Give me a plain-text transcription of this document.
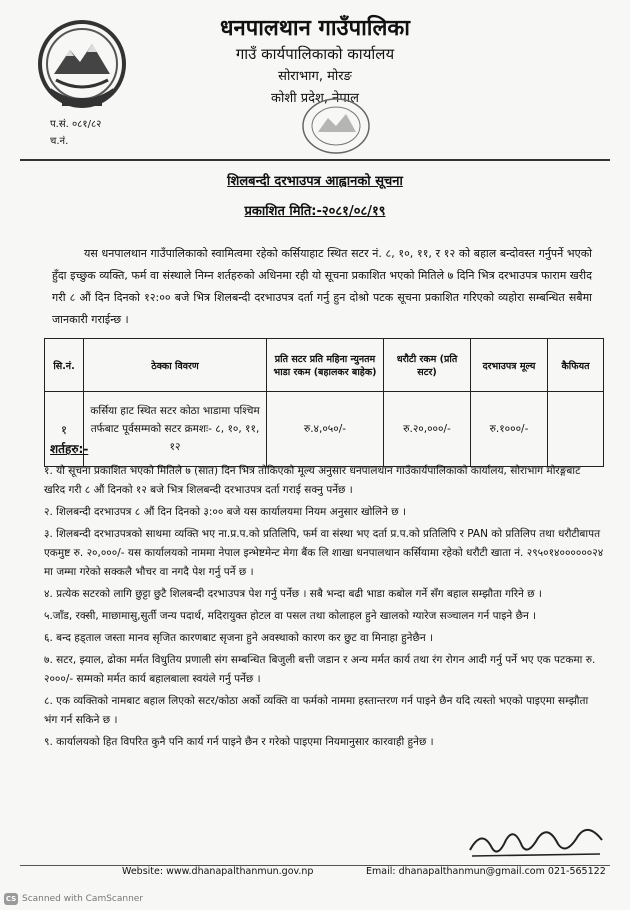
धनपालथान गाउँपालिका
गाउँ कार्यपालिकाको कार्यालय
सोराभाग, मोरङ
कोशी प्रदेश, नेपाल
प.सं. ०८१/८२
च.नं.
शिलबन्दी दरभाउपत्र आह्वानको सूचना
प्रकाशित मिति:-२०८१/०८/१९

यस धनपालथान गाउँपालिकाको स्वामित्वमा रहेको कर्सियाहाट स्थित सटर नं. ८, १०, ११, र १२ को बहाल बन्दोवस्त गर्नुपर्ने भएको हुँदा इच्छुक व्यक्ति, फर्म वा संस्थाले निम्न शर्तहरुको अधिनमा रही यो सूचना प्रकाशित भएको मितिले ७ दिनि भित्र दरभाउपत्र फाराम खरीद गरी ८ औं दिन दिनको १२:०० बजे भित्र शिलबन्दी दरभाउपत्र दर्ता गर्नु हुन दोश्रो पटक सूचना प्रकाशित गरिएको व्यहोरा सम्बन्धित सबैमा जानकारी गराईन्छ ।

सि.नं.	ठेक्का विवरण	प्रति सटर प्रति महिना न्युनतम भाडा रकम (बहालकर बाहेक)	धरौटी रकम (प्रति सटर)	दरभाउपत्र मूल्य	कैफियत
१	कर्सिया हाट स्थित सटर कोठा भाडामा पश्चिम तर्फबाट पूर्वसम्मको सटर क्रमशः- ८, १०, ११, १२	रु.४,०५०/-	रु.२०,०००/-	रु.१०००/-	
शर्तहरु:-
१. यो सूचना प्रकाशित भएको मितिले ७ (सात) दिन भित्र तोकिएको मूल्य अनुसार धनपालथान गाउँकार्यपालिकाको कार्यालय, सोराभाग मोरङ्गबाट खरिद गरी ८ औं दिनको १२ बजे भित्र शिलबन्दी दरभाउपत्र दर्ता गराई सक्नु पर्नेछ ।
२. शिलबन्दी दरभाउपत्र ८ औं दिन दिनको ३:०० बजे यस कार्यालयमा नियम अनुसार खोलिने छ ।
३. शिलबन्दी दरभाउपत्रको साथमा व्यक्ति भए ना.प्र.प.को प्रतिलिपि, फर्म वा संस्था भए दर्ता प्र.प.को प्रतिलिपि र PAN को प्रतिलिप तथा धरौटीबापत एकमुष्ट रु. २०,०००/- यस कार्यालयको नाममा नेपाल इन्भेष्टमेन्ट मेगा बैंक लि शाखा धनपालथान कर्सियामा रहेको धरौटी खाता नं. २९५०१४००००००२४ मा जम्मा गरेको सक्कलै भौचर वा नगदै पेश गर्नु पर्ने छ ।
४. प्रत्येक सटरको लागि छुट्टा छुटै शिलबन्दी दरभाउपत्र पेश गर्नु पर्नेछ । सबै भन्दा बढी भाडा कबोल गर्ने सँग बहाल सम्झौता गरिने छ ।
५.जाँड, रक्सी, माछामासु,सुर्ती जन्य पदार्थ, मदिरायुक्त होटल वा पसल तथा कोलाहल हुने खालको ग्यारेज सञ्चालन गर्न पाइने छैन ।
६. बन्द हड्ताल जस्ता मानव सृजित कारणबाट सृजना हुने अवस्थाको कारण कर छुट वा मिनाहा हुनेछैन ।
७. सटर, झ्याल, ढोका मर्मत विधुतिय प्रणाली संग सम्बन्धित बिजुली बत्ती जडान र अन्य मर्मत कार्य तथा रंग रोगन आदी गर्नु पर्ने भए एक पटकमा रु. २०००/- सम्मको मर्मत कार्य बहालबाला स्वयंले गर्नु पर्नेछ ।
८. एक व्यक्तिको नामबाट बहाल लिएको सटर/कोठा अर्को व्यक्ति वा फर्मको नाममा हस्तान्तरण गर्न पाइने छैन यदि त्यस्तो भएको पाइएमा सम्झौता भंग गर्न सकिने छ ।
९. कार्यालयको हित विपरित कुनै पनि कार्य गर्न पाइने छैन र गरेको पाइएमा नियमानुसार कारवाही हुनेछ ।
Website: www.dhanapalthanmun.gov.np	Email: dhanapalthanmun@gmail.com 021-565122
CS Scanned with CamScanner
